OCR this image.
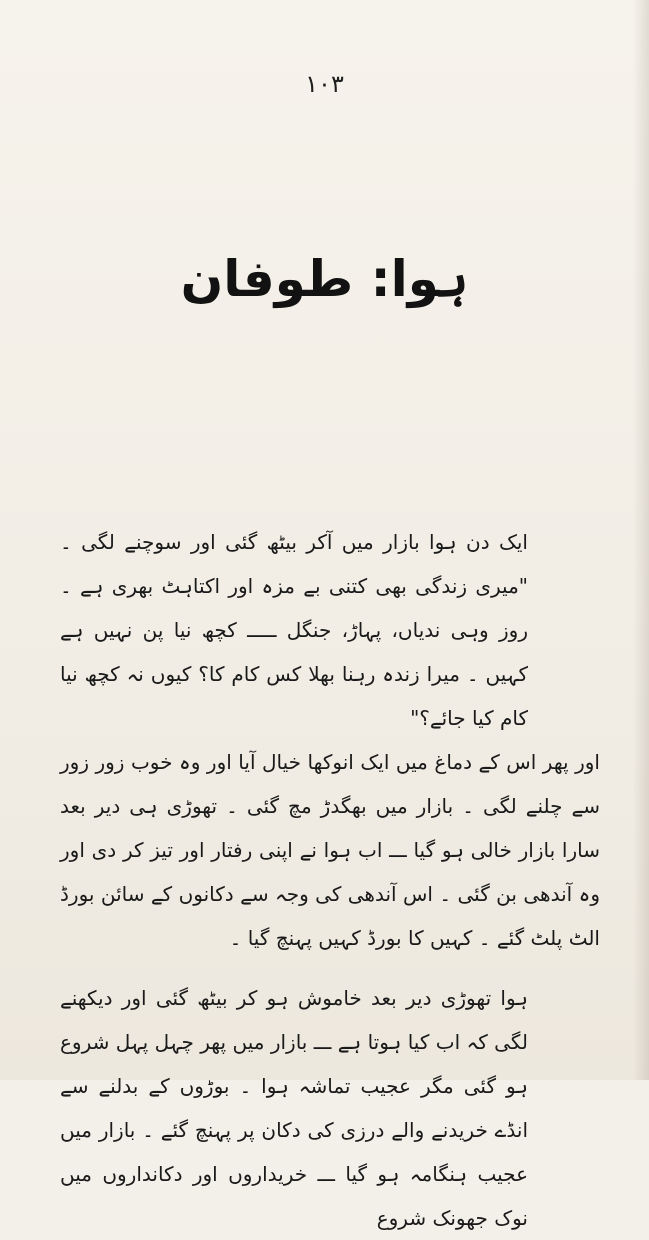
۱۰۳
ہوا: طوفان

ایک دن ہوا بازار میں آکر بیٹھ گئی اور سوچنے لگی ۔ "میری زندگی بھی کتنی بے مزہ اور اکتاہٹ بھری ہے ۔ روز وہی ندیاں، پہاڑ، جنگل ـــــ کچھ نیا پن نہیں ہے کہیں ۔ میرا زندہ رہنا بھلا کس کام کا؟ کیوں نہ کچھ نیا کام کیا جائے؟"

اور پھر اس کے دماغ میں ایک انوکھا خیال آیا اور وہ خوب زور زور سے چلنے لگی ۔ بازار میں بھگدڑ مچ گئی ۔ تھوڑی ہی دیر بعد سارا بازار خالی ہو گیا ـــ اب ہوا نے اپنی رفتار اور تیز کر دی اور وہ آندھی بن گئی ۔ اس آندھی کی وجہ سے دکانوں کے سائن بورڈ الٹ پلٹ گئے ۔ کہیں کا بورڈ کہیں پہنچ گیا ۔

ہوا تھوڑی دیر بعد خاموش ہو کر بیٹھ گئی اور دیکھنے لگی کہ اب کیا ہوتا ہے ـــ بازار میں پھر چہل پہل شروع ہو گئی مگر عجیب تماشہ ہوا ۔ بوڑوں کے بدلنے سے انڈے خریدنے والے درزی کی دکان پر پہنچ گئے ۔ بازار میں عجیب ہنگامہ ہو گیا ـــ خریداروں اور دکانداروں میں نوک جھونک شروع
